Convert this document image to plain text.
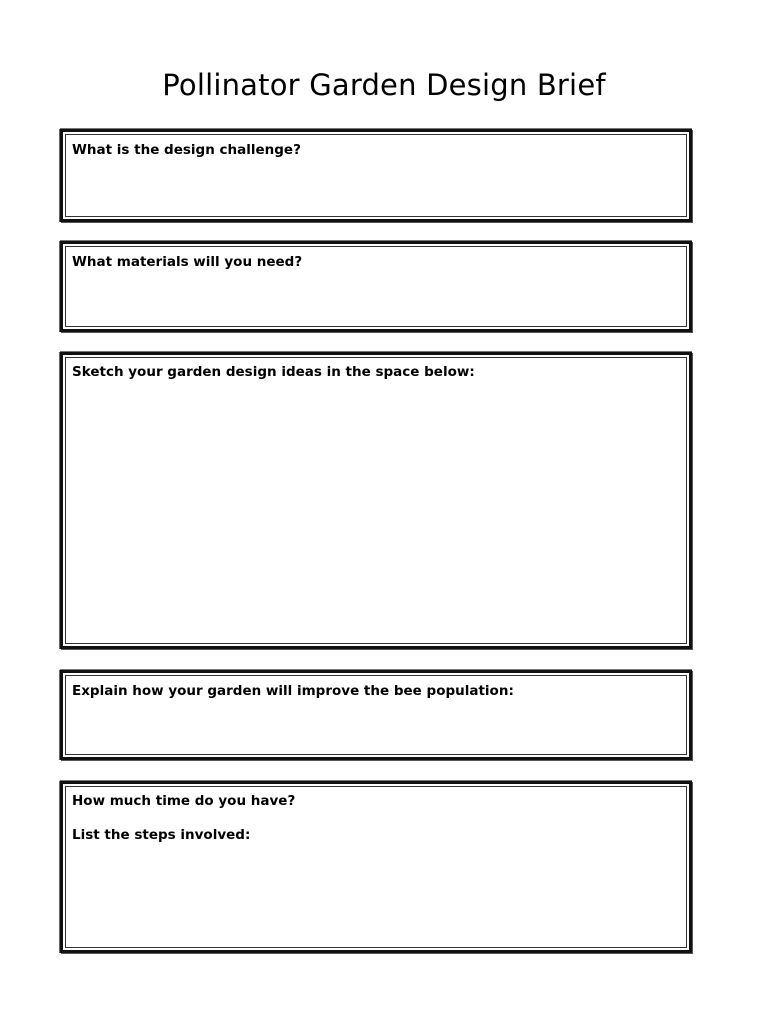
Pollinator Garden Design Brief
What is the design challenge?
What materials will you need?
Sketch your garden design ideas in the space below:
Explain how your garden will improve the bee population:
How much time do you have?
List the steps involved:
